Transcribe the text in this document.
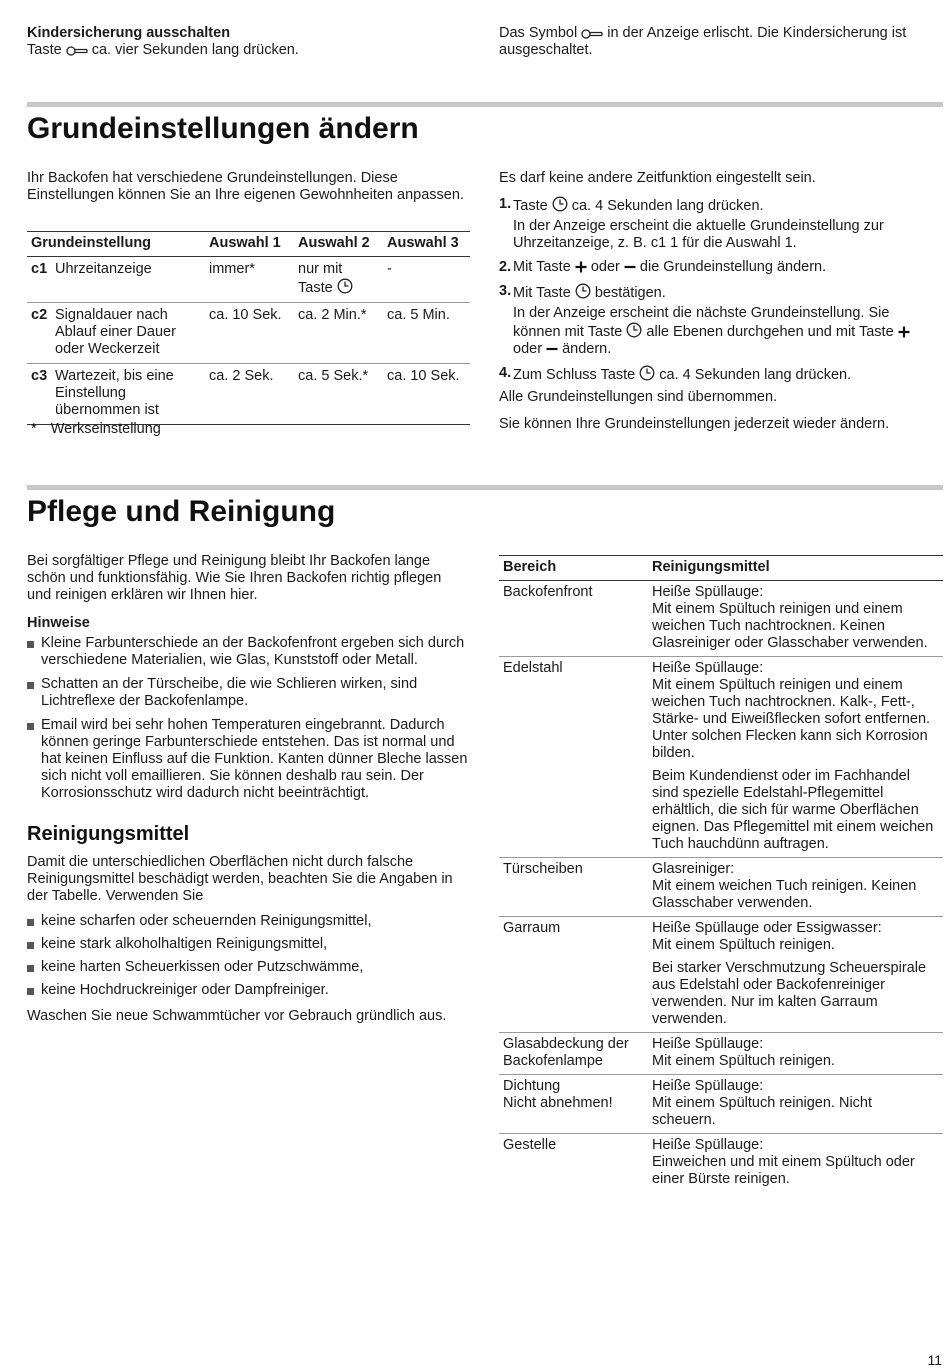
Kindersicherung ausschalten

Taste ca. vier Sekunden lang drücken.

Das Symbol in der Anzeige erlischt. Die Kindersicherung ist ausgeschaltet.

Grundeinstellungen ändern

Ihr Backofen hat verschiedene Grundeinstellungen. Diese Einstellungen können Sie an Ihre eigenen Gewohnheiten anpassen.

Grundeinstellung	Auswahl 1	Auswahl 2	Auswahl 3
c1 Uhrzeitanzeige	immer*	nur mit Taste	-
c2 Signaldauer nach Ablauf einer Dauer oder Weckerzeit	ca. 10 Sek.	ca. 2 Min.*	ca. 5 Min.
c3 Wartezeit, bis eine Einstellung übernommen ist	ca. 2 Sek.	ca. 5 Sek.*	ca. 10 Sek.
* Werkseinstellung

Es darf keine andere Zeitfunktion eingestellt sein.

1. Taste ca. 4 Sekunden lang drücken.

In der Anzeige erscheint die aktuelle Grundeinstellung zur Uhrzeitanzeige, z. B. c1 1 für die Auswahl 1.

2. Mit Taste oder die Grundeinstellung ändern.

3. Mit Taste bestätigen.

In der Anzeige erscheint die nächste Grundeinstellung. Sie können mit Taste alle Ebenen durchgehen und mit Taste  oder ändern.

4. Zum Schluss Taste ca. 4 Sekunden lang drücken.

Alle Grundeinstellungen sind übernommen.

Sie können Ihre Grundeinstellungen jederzeit wieder ändern.

Pflege und Reinigung

Bei sorgfältiger Pflege und Reinigung bleibt Ihr Backofen lange schön und funktionsfähig. Wie Sie Ihren Backofen richtig pflegen und reinigen erklären wir Ihnen hier.

Hinweise

Kleine Farbunterschiede an der Backofenfront ergeben sich durch verschiedene Materialien, wie Glas, Kunststoff oder Metall.
Schatten an der Türscheibe, die wie Schlieren wirken, sind Lichtreflexe der Backofenlampe.
Email wird bei sehr hohen Temperaturen eingebrannt. Dadurch können geringe Farbunterschiede entstehen. Das ist normal und hat keinen Einfluss auf die Funktion. Kanten dünner Bleche lassen sich nicht voll emaillieren. Sie können deshalb rau sein. Der Korrosionsschutz wird dadurch nicht beeinträchtigt.
Reinigungsmittel

Damit die unterschiedlichen Oberflächen nicht durch falsche Reinigungsmittel beschädigt werden, beachten Sie die Angaben in der Tabelle. Verwenden Sie

keine scharfen oder scheuernden Reinigungsmittel,
keine stark alkoholhaltigen Reinigungsmittel,
keine harten Scheuerkissen oder Putzschwämme,
keine Hochdruckreiniger oder Dampfreiniger.

Waschen Sie neue Schwammtücher vor Gebrauch gründlich aus.

Bereich	Reinigungsmittel
Backofenfront	Heiße Spüllauge:
Mit einem Spültuch reinigen und einem weichen Tuch nachtrocknen. Keinen Glasreiniger oder Glasschaber verwenden.

Edelstahl	Heiße Spüllauge:
Mit einem Spültuch reinigen und einem weichen Tuch nachtrocknen. Kalk-, Fett-, Stärke- und Eiweißflecken sofort entfernen. Unter solchen Flecken kann sich Korrosion bilden.
Beim Kundendienst oder im Fachhandel sind spezielle Edelstahl-Pflegemittel erhältlich, die sich für warme Oberflächen eignen. Das Pflegemittel mit einem weichen Tuch hauchdünn auftragen.

Türscheiben	Glasreiniger:
Mit einem weichen Tuch reinigen. Keinen Glasschaber verwenden.

Garraum	Heiße Spüllauge oder Essigwasser:
Mit einem Spültuch reinigen.
Bei starker Verschmutzung Scheuerspirale aus Edelstahl oder Backofenreiniger verwenden. Nur im kalten Garraum verwenden.

Glasabdeckung der Backofenlampe	Heiße Spüllauge:
Mit einem Spültuch reinigen.

Dichtung
Nicht abnehmen!	Heiße Spüllauge:
Mit einem Spültuch reinigen. Nicht scheuern.

Gestelle	Heiße Spüllauge:
Einweichen und mit einem Spültuch oder einer Bürste reinigen.
11
